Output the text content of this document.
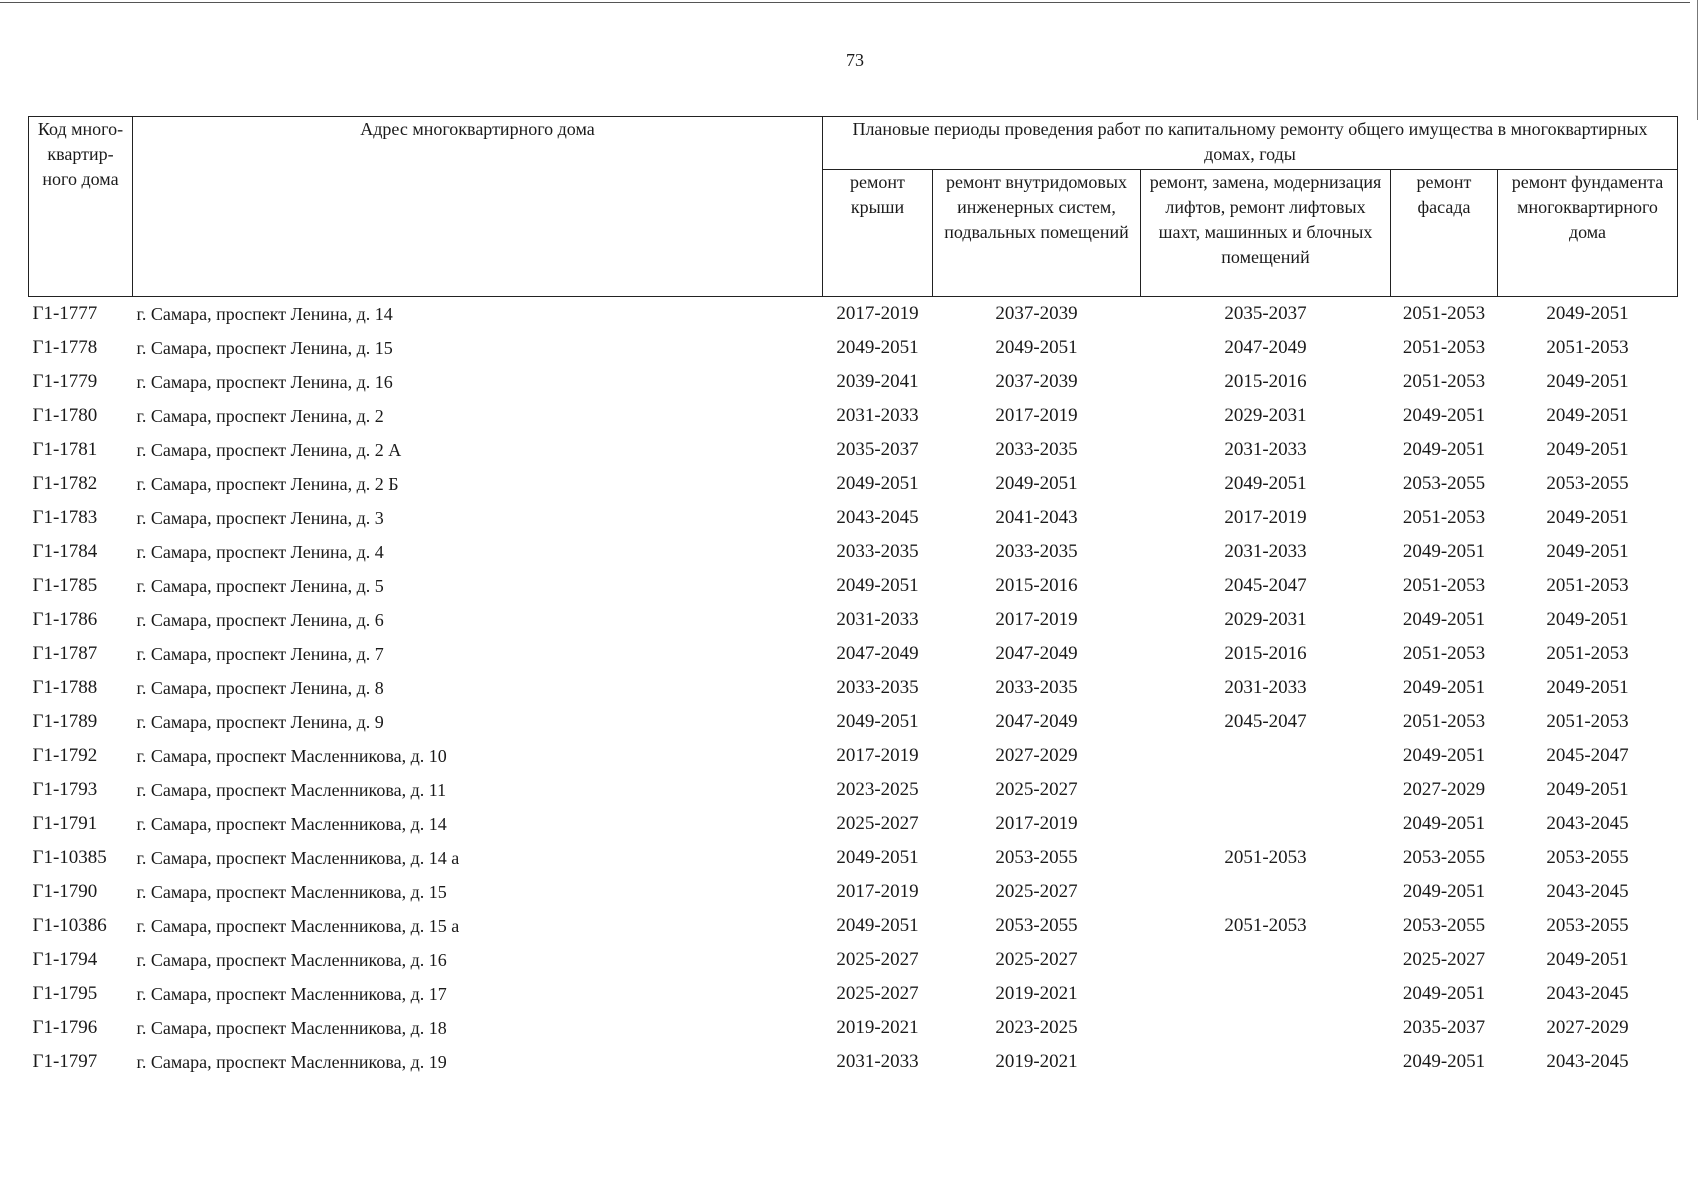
73
Код много-квартир-ного дома	Адрес многоквартирного дома	Плановые периоды проведения работ по капитальному ремонту общего имущества в многоквартирных домах, годы				
		ремонт крыши	ремонт внутридомовых инженерных систем, подвальных помещений	ремонт, замена, модернизация лифтов, ремонт лифтовых шахт, машинных и блочных помещений	ремонт фасада	ремонт фундамента многоквартирного дома
Г1-1777	г. Самара, проспект Ленина, д. 14	2017-2019	2037-2039	2035-2037	2051-2053	2049-2051
Г1-1778	г. Самара, проспект Ленина, д. 15	2049-2051	2049-2051	2047-2049	2051-2053	2051-2053
Г1-1779	г. Самара, проспект Ленина, д. 16	2039-2041	2037-2039	2015-2016	2051-2053	2049-2051
Г1-1780	г. Самара, проспект Ленина, д. 2	2031-2033	2017-2019	2029-2031	2049-2051	2049-2051
Г1-1781	г. Самара, проспект Ленина, д. 2 А	2035-2037	2033-2035	2031-2033	2049-2051	2049-2051
Г1-1782	г. Самара, проспект Ленина, д. 2 Б	2049-2051	2049-2051	2049-2051	2053-2055	2053-2055
Г1-1783	г. Самара, проспект Ленина, д. 3	2043-2045	2041-2043	2017-2019	2051-2053	2049-2051
Г1-1784	г. Самара, проспект Ленина, д. 4	2033-2035	2033-2035	2031-2033	2049-2051	2049-2051
Г1-1785	г. Самара, проспект Ленина, д. 5	2049-2051	2015-2016	2045-2047	2051-2053	2051-2053
Г1-1786	г. Самара, проспект Ленина, д. 6	2031-2033	2017-2019	2029-2031	2049-2051	2049-2051
Г1-1787	г. Самара, проспект Ленина, д. 7	2047-2049	2047-2049	2015-2016	2051-2053	2051-2053
Г1-1788	г. Самара, проспект Ленина, д. 8	2033-2035	2033-2035	2031-2033	2049-2051	2049-2051
Г1-1789	г. Самара, проспект Ленина, д. 9	2049-2051	2047-2049	2045-2047	2051-2053	2051-2053
Г1-1792	г. Самара, проспект Масленникова, д. 10	2017-2019	2027-2029		2049-2051	2045-2047
Г1-1793	г. Самара, проспект Масленникова, д. 11	2023-2025	2025-2027		2027-2029	2049-2051
Г1-1791	г. Самара, проспект Масленникова, д. 14	2025-2027	2017-2019		2049-2051	2043-2045
Г1-10385	г. Самара, проспект Масленникова, д. 14 а	2049-2051	2053-2055	2051-2053	2053-2055	2053-2055
Г1-1790	г. Самара, проспект Масленникова, д. 15	2017-2019	2025-2027		2049-2051	2043-2045
Г1-10386	г. Самара, проспект Масленникова, д. 15 а	2049-2051	2053-2055	2051-2053	2053-2055	2053-2055
Г1-1794	г. Самара, проспект Масленникова, д. 16	2025-2027	2025-2027		2025-2027	2049-2051
Г1-1795	г. Самара, проспект Масленникова, д. 17	2025-2027	2019-2021		2049-2051	2043-2045
Г1-1796	г. Самара, проспект Масленникова, д. 18	2019-2021	2023-2025		2035-2037	2027-2029
Г1-1797	г. Самара, проспект Масленникова, д. 19	2031-2033	2019-2021		2049-2051	2043-2045
